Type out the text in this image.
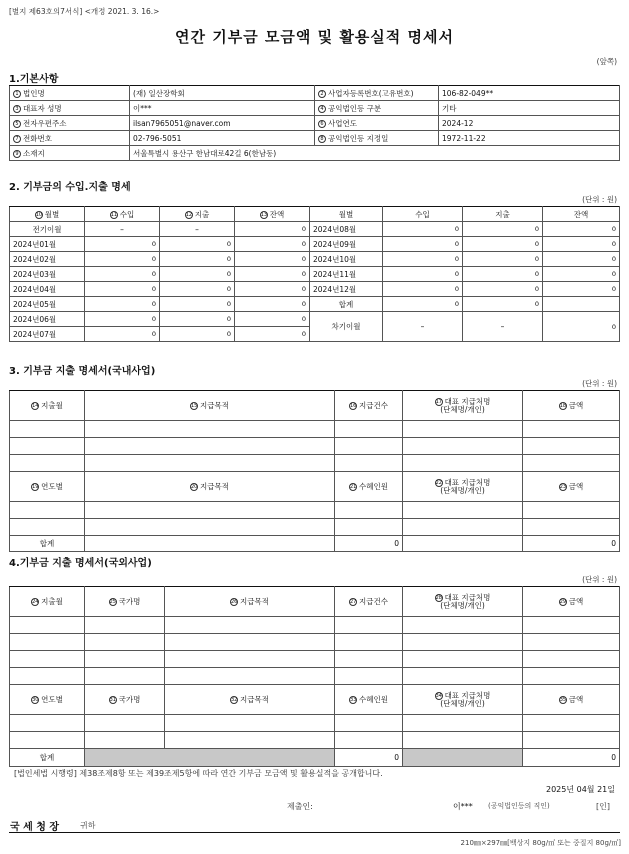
[별지 제63호의7서식] <개정 2021. 3. 16.>
연간 기부금 모금액 및 활용실적 명세서
(앞쪽)
1.기본사항
1 법인명	(재) 일산장학회	2 사업자등록번호(고유번호)	106-82-049**
3 대표자 성명	이***	4 공익법인등 구분	기타
5 전자우편주소	ilsan7965051@naver.com	6 사업연도	2024-12
7 전화번호	02-796-5051	8 공익법인등 지정일	1972-11-22
9 소재지	서울특별시 용산구 한남대로42길 6(한남동)		
2. 기부금의 수입.지출 명세
(단위 : 원)
10 월별	11 수입	12 지출	13 잔액	월별	수입	지출	잔액
전기이월	–	–	0	2024년08월	0	0	0
2024년01월	0	0	0	2024년09월	0	0	0
2024년02월	0	0	0	2024년10월	0	0	0
2024년03월	0	0	0	2024년11월	0	0	0
2024년04월	0	0	0	2024년12월	0	0	0
2024년05월	0	0	0	합계	0	0	
2024년06월	0	0	0	차기이월	–	–	0
2024년07월	0	0	0				
3. 기부금 지출 명세서(국내사업)
(단위 : 원)
14 지출월	15 지급목적	16 지급건수	17 대표 지급처명
(단체명/개인)	18 금액

19 연도별	20 지급목적	21 수혜인원	22 대표 지급처명
(단체명/개인)	23 금액

합계		0		0
4.기부금 지출 명세서(국외사업)
(단위 : 원)
24 지출월	25 국가명	26 지급목적	27 지급건수	28 대표 지급처명
(단체명/개인)	29 금액

30 연도별	31 국가명	32 지급목적	33 수혜인원	34 대표 지급처명
(단체명/개인)	35 금액

합계			0		0
[법인세법 시행령] 제38조제8항 또는 제39조제5항에 따라 연간 기부금 모금액 및 활용실적을 공개합니다.
2025년 04월 21일
제출인:	이*** (공익법인등의 직인)	[인]
국 세 청 장	귀하
210㎜×297㎜[백상지 80g/㎡ 또는 중질지 80g/㎡]
